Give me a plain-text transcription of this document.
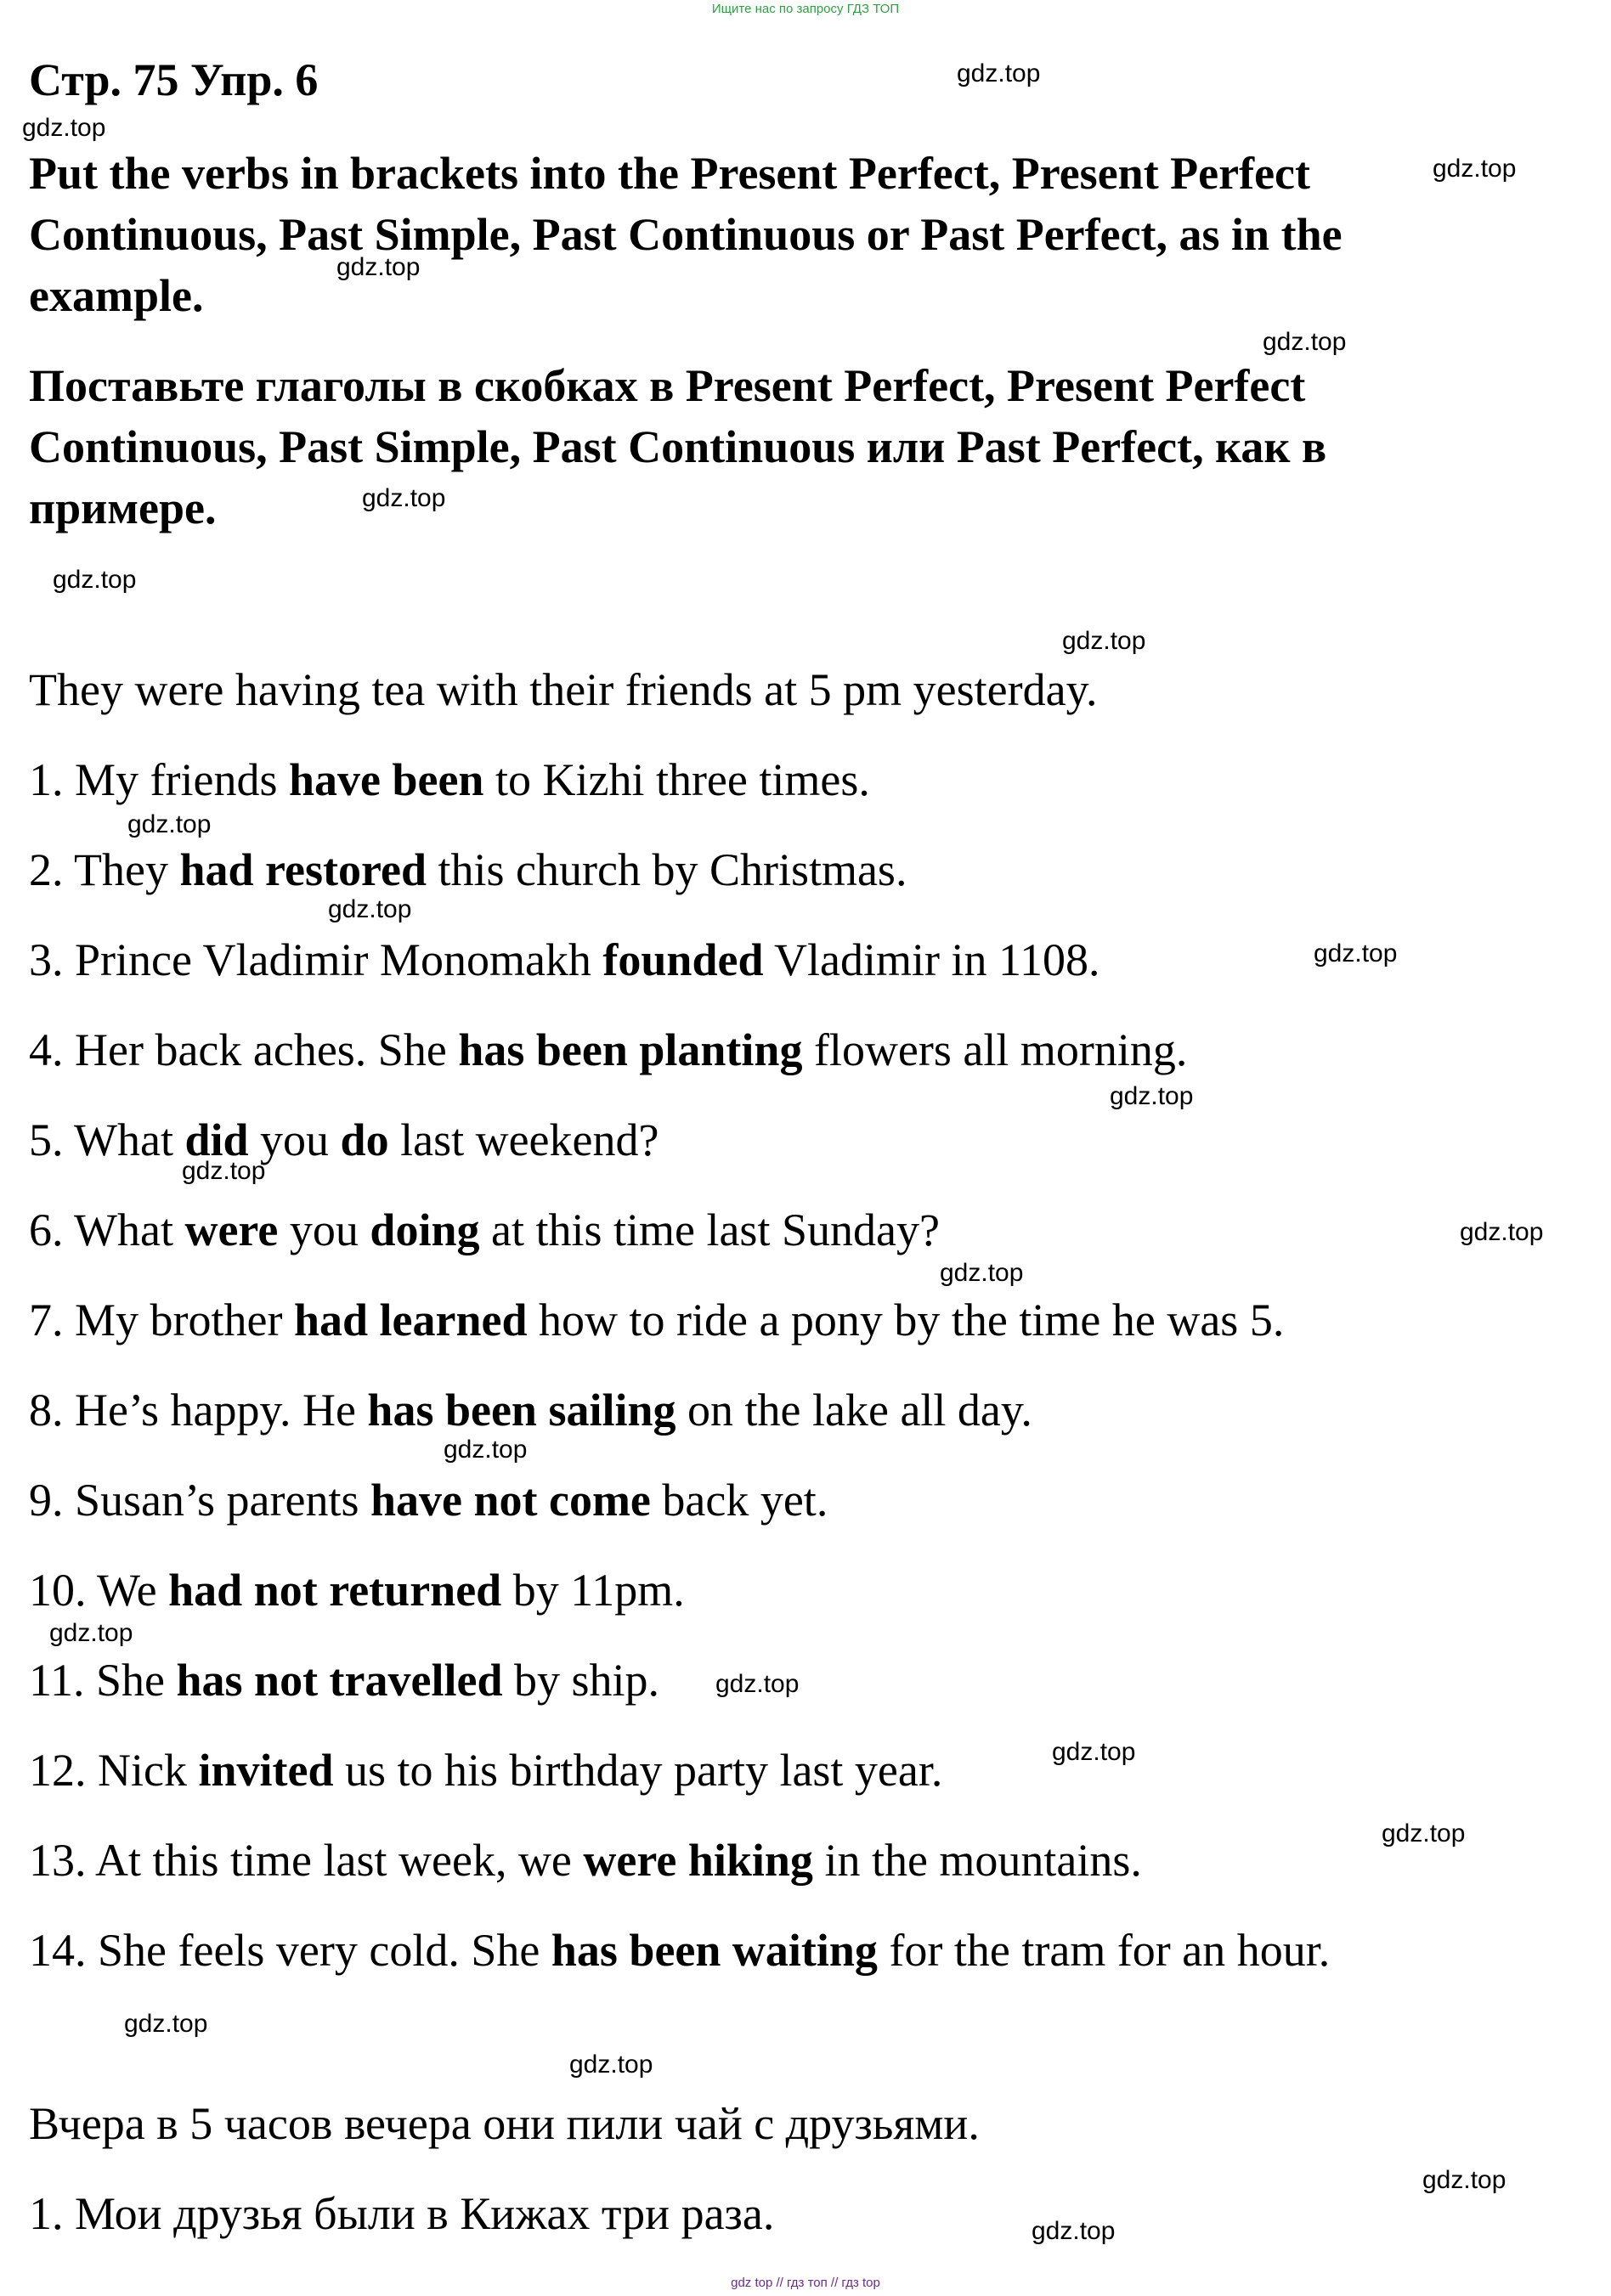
Ищите нас по запросу ГДЗ ТОП
Стр. 75 Упр. 6

Put the verbs in brackets into the Present Perfect, Present Perfect Continuous, Past Simple, Past Continuous or Past Perfect, as in the example.

Поставьте глаголы в скобках в Present Perfect, Present Perfect Continuous, Past Simple, Past Continuous или Past Perfect, как в примере.

They were having tea with their friends at 5 pm yesterday.

1. My friends have been to Kizhi three times.

2. They had restored this church by Christmas.

3. Prince Vladimir Monomakh founded Vladimir in 1108.

4. Her back aches. She has been planting flowers all morning.

5. What did you do last weekend?

6. What were you doing at this time last Sunday?

7. My brother had learned how to ride a pony by the time he was 5.

8. He’s happy. He has been sailing on the lake all day.

9. Susan’s parents have not come back yet.

10. We had not returned by 11pm.

11. She has not travelled by ship.

12. Nick invited us to his birthday party last year.

13. At this time last week, we were hiking in the mountains.

14. She feels very cold. She has been waiting for the tram for an hour.

Вчера в 5 часов вечера они пили чай с друзьями.

1. Мои друзья были в Кижах три раза.

gdz.top
gdz.top
gdz.top
gdz.top
gdz.top
gdz.top
gdz.top
gdz.top
gdz.top
gdz.top
gdz.top
gdz.top
gdz.top
gdz.top
gdz.top
gdz.top
gdz.top
gdz.top
gdz.top
gdz.top
gdz.top
gdz.top
gdz.top
gdz.top
gdz top // гдз топ // гдз top
